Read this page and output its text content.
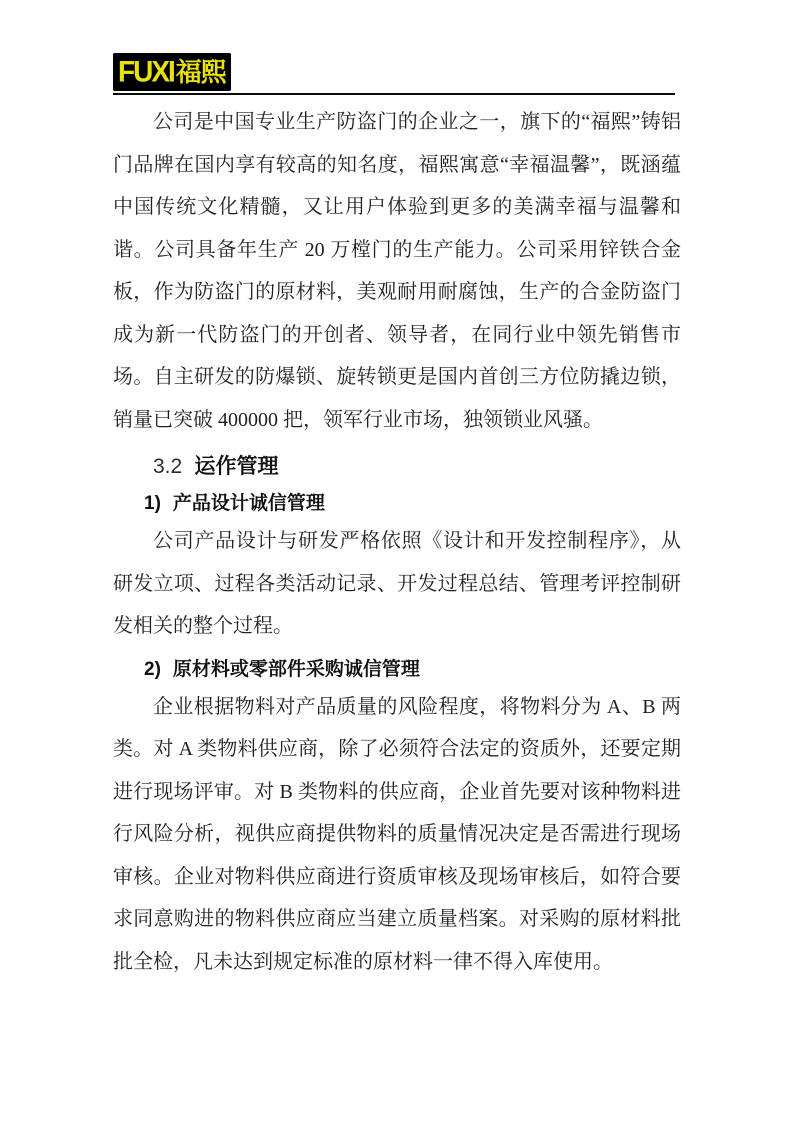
FUXI 福熙

公司是中国专业生产防盗门的企业之一，旗下的“福熙”铸铝门品牌在国内享有较高的知名度，福熙寓意“幸福温馨”，既涵蕴中国传统文化精髓，又让用户体验到更多的美满幸福与温馨和谐。公司具备年生产 20 万樘门的生产能力。公司采用锌铁合金板，作为防盗门的原材料，美观耐用耐腐蚀，生产的合金防盗门成为新一代防盗门的开创者、领导者，在同行业中领先销售市场。自主研发的防爆锁、旋转锁更是国内首创三方位防撬边锁，销量已突破 400000 把，领军行业市场，独领锁业风骚。

3.2 运作管理
1) 产品设计诚信管理

公司产品设计与研发严格依照《设计和开发控制程序》，从研发立项、过程各类活动记录、开发过程总结、管理考评控制研发相关的整个过程。

2) 原材料或零部件采购诚信管理

企业根据物料对产品质量的风险程度，将物料分为 A、B 两类。对 A 类物料供应商，除了必须符合法定的资质外，还要定期进行现场评审。对 B 类物料的供应商，企业首先要对该种物料进行风险分析，视供应商提供物料的质量情况决定是否需进行现场审核。企业对物料供应商进行资质审核及现场审核后，如符合要求同意购进的物料供应商应当建立质量档案。对采购的原材料批批全检，凡未达到规定标准的原材料一律不得入库使用。
